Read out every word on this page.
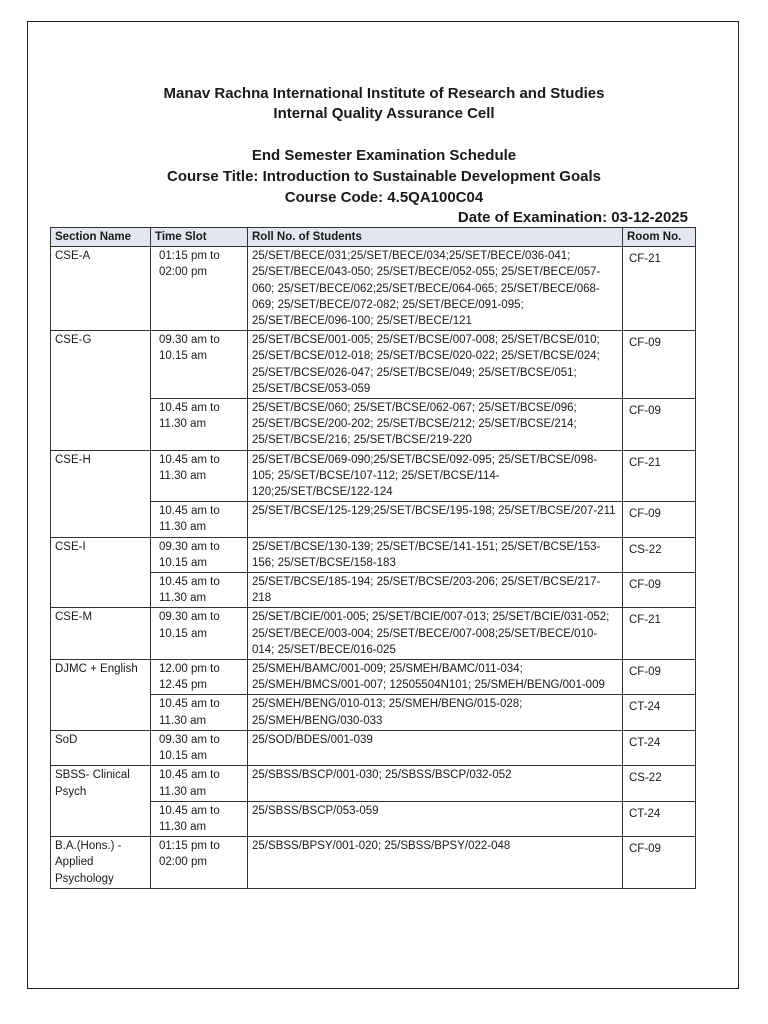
Manav Rachna International Institute of Research and Studies
Internal Quality Assurance Cell
End Semester Examination Schedule
Course Title: Introduction to Sustainable Development Goals
Course Code: 4.5QA100C04
Date of Examination: 03-12-2025
Section Name	Time Slot	Roll No. of Students	Room No.
CSE-A	01:15 pm to 02:00 pm	25/SET/BECE/031;25/SET/BECE/034;25/SET/BECE/036-041; 25/SET/BECE/043-050; 25/SET/BECE/052-055; 25/SET/BECE/057-060; 25/SET/BECE/062;25/SET/BECE/064-065; 25/SET/BECE/068-069; 25/SET/BECE/072-082; 25/SET/BECE/091-095; 25/SET/BECE/096-100; 25/SET/BECE/121	CF-21
CSE-G	09.30 am to 10.15 am	25/SET/BCSE/001-005; 25/SET/BCSE/007-008; 25/SET/BCSE/010; 25/SET/BCSE/012-018; 25/SET/BCSE/020-022; 25/SET/BCSE/024; 25/SET/BCSE/026-047; 25/SET/BCSE/049; 25/SET/BCSE/051; 25/SET/BCSE/053-059	CF-09
	10.45 am to 11.30 am	25/SET/BCSE/060; 25/SET/BCSE/062-067; 25/SET/BCSE/096; 25/SET/BCSE/200-202; 25/SET/BCSE/212; 25/SET/BCSE/214; 25/SET/BCSE/216; 25/SET/BCSE/219-220	CF-09
CSE-H	10.45 am to 11.30 am	25/SET/BCSE/069-090;25/SET/BCSE/092-095; 25/SET/BCSE/098-105; 25/SET/BCSE/107-112; 25/SET/BCSE/114-120;25/SET/BCSE/122-124	CF-21
	10.45 am to 11.30 am	25/SET/BCSE/125-129;25/SET/BCSE/195-198; 25/SET/BCSE/207-211	CF-09
CSE-I	09.30 am to 10.15 am	25/SET/BCSE/130-139; 25/SET/BCSE/141-151; 25/SET/BCSE/153-156; 25/SET/BCSE/158-183	CS-22
	10.45 am to 11.30 am	25/SET/BCSE/185-194; 25/SET/BCSE/203-206; 25/SET/BCSE/217-218	CF-09
CSE-M	09.30 am to 10.15 am	25/SET/BCIE/001-005; 25/SET/BCIE/007-013; 25/SET/BCIE/031-052; 25/SET/BECE/003-004; 25/SET/BECE/007-008;25/SET/BECE/010-014; 25/SET/BECE/016-025	CF-21
DJMC + English	12.00 pm to 12.45 pm	25/SMEH/BAMC/001-009; 25/SMEH/BAMC/011-034; 25/SMEH/BMCS/001-007; 12505504N101; 25/SMEH/BENG/001-009	CF-09
	10.45 am to 11.30 am	25/SMEH/BENG/010-013; 25/SMEH/BENG/015-028; 25/SMEH/BENG/030-033	CT-24
SoD	09.30 am to 10.15 am	25/SOD/BDES/001-039	CT-24
SBSS- Clinical Psych	10.45 am to 11.30 am	25/SBSS/BSCP/001-030; 25/SBSS/BSCP/032-052	CS-22
	10.45 am to 11.30 am	25/SBSS/BSCP/053-059	CT-24
B.A.(Hons.) - Applied Psychology	01:15 pm to 02:00 pm	25/SBSS/BPSY/001-020; 25/SBSS/BPSY/022-048	CF-09
